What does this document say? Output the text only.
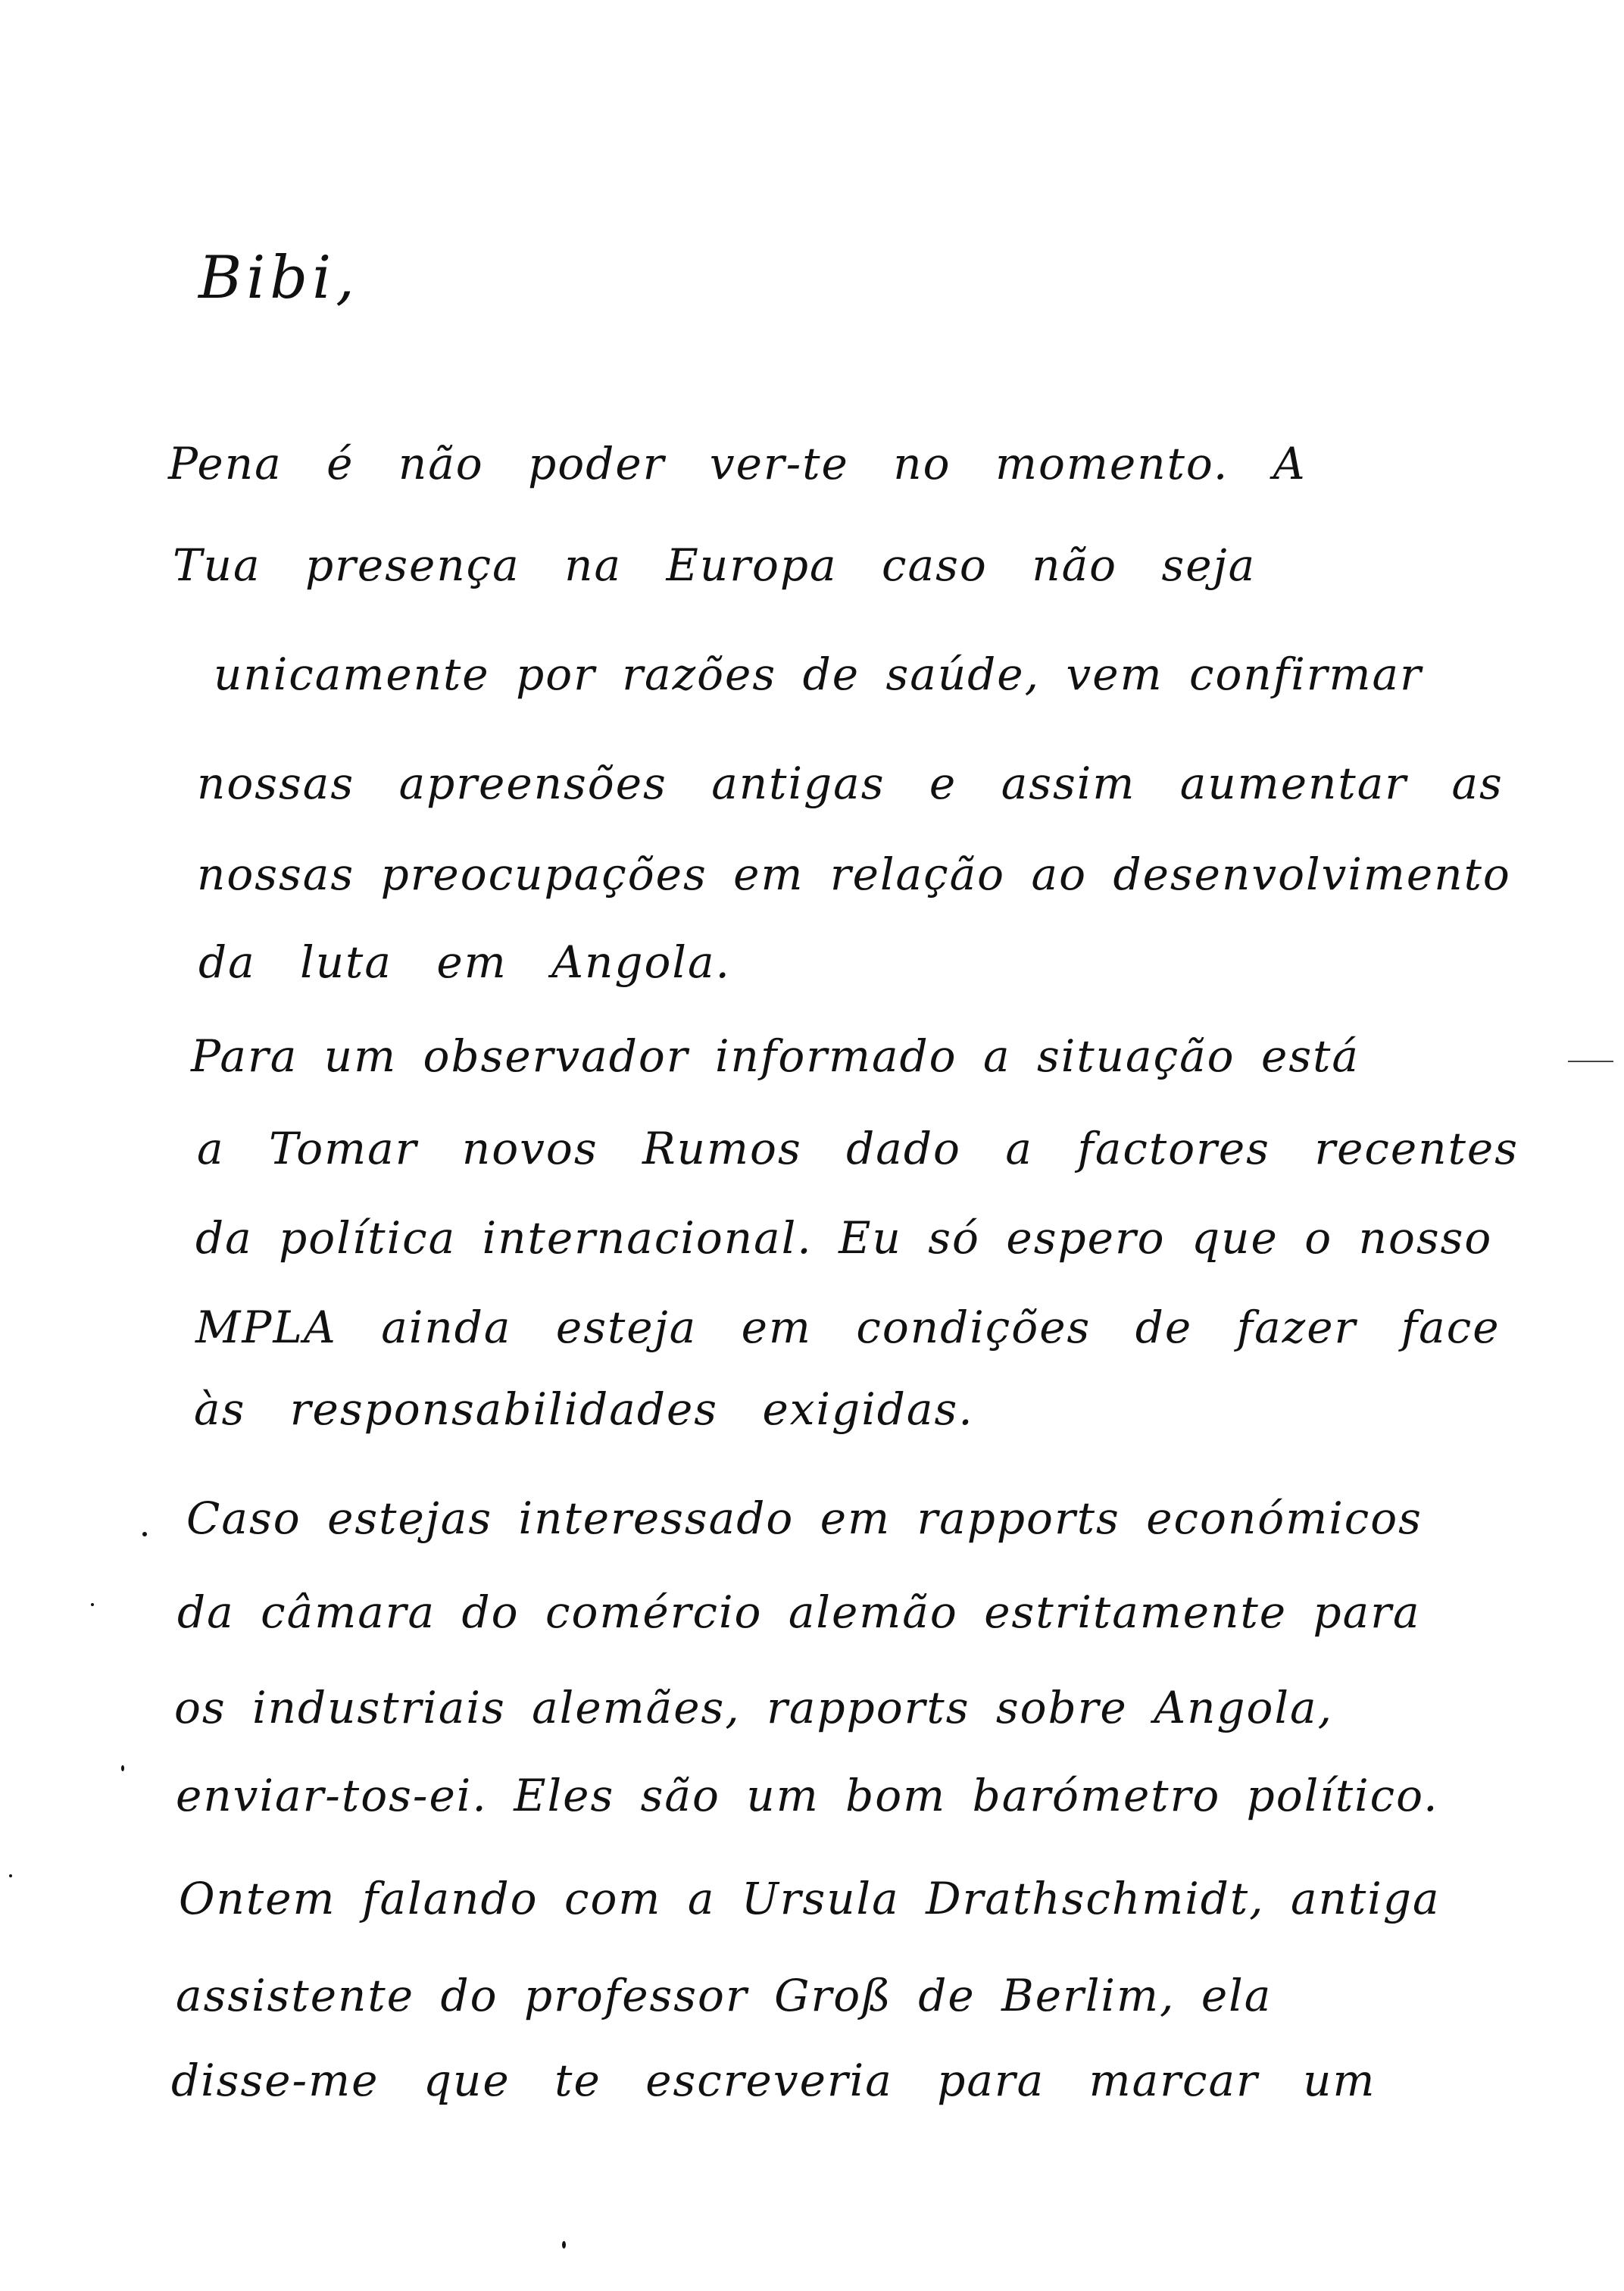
Bibi,
Pena é não poder ver-te no momento. A
Tua presença na Europa caso não seja
unicamente por razões de saúde, vem confirmar
nossas apreensões antigas e assim aumentar as
nossas preocupações em relação ao desenvolvimento
da luta em Angola.
Para um observador informado a situação está
a Tomar novos Rumos dado a factores recentes
da política internacional. Eu só espero que o nosso
MPLA ainda esteja em condições de fazer face
às responsabilidades exigidas.
Caso estejas interessado em rapports económicos
da câmara do comércio alemão estritamente para
os industriais alemães, rapports sobre Angola,
enviar-tos-ei. Eles são um bom barómetro político.
Ontem falando com a Ursula Drathschmidt, antiga
assistente do professor Groß de Berlim, ela
disse-me que te escreveria para marcar um
